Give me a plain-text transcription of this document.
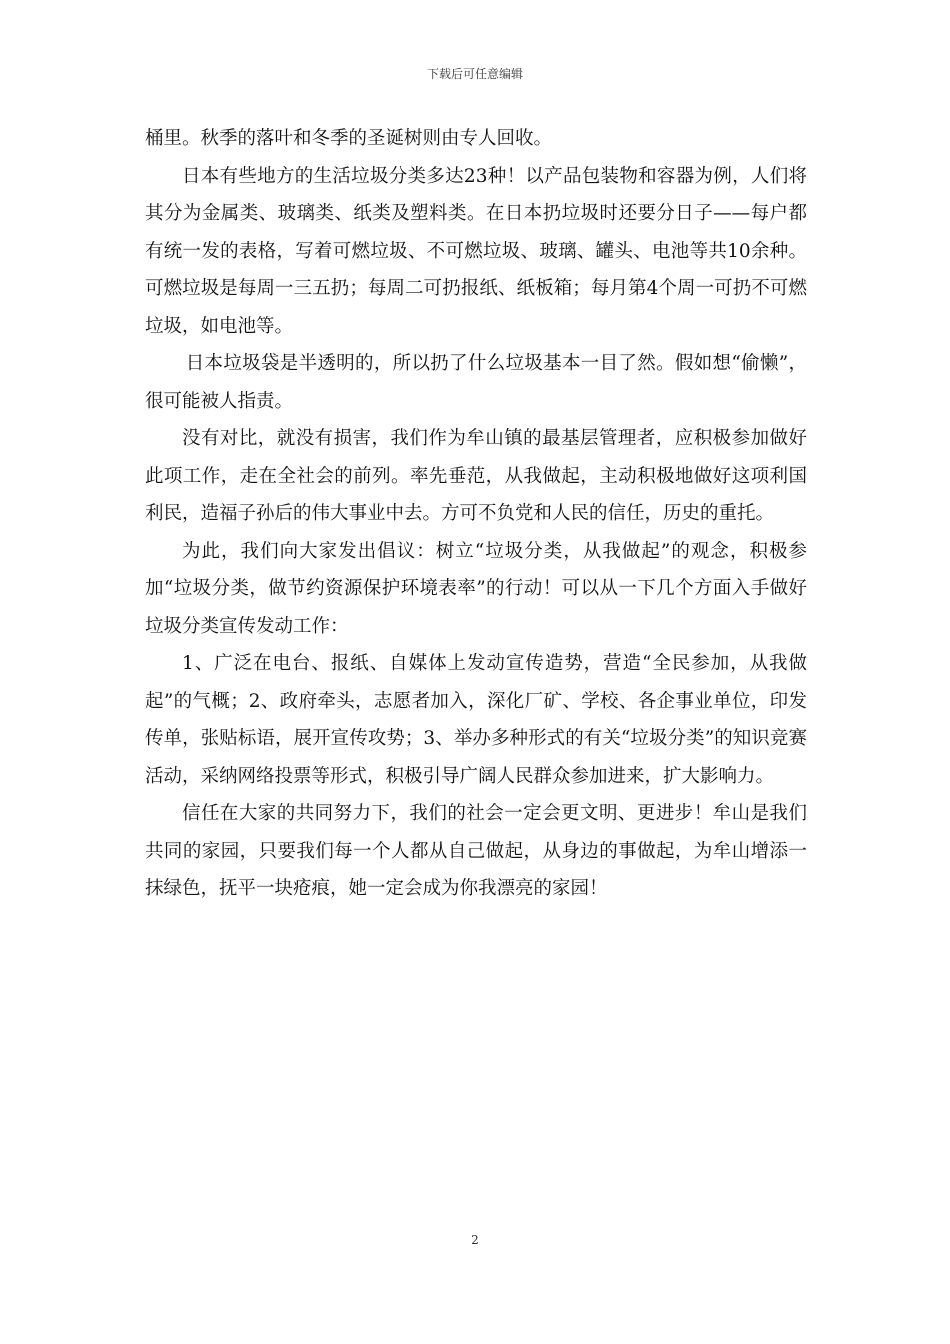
下载后可任意编辑

桶里。秋季的落叶和冬季的圣诞树则由专人回收。

日本有些地方的生活垃圾分类多达23种！以产品包装物和容器为例，人们将其分为金属类、玻璃类、纸类及塑料类。在日本扔垃圾时还要分日子——每户都有统一发的表格，写着可燃垃圾、不可燃垃圾、玻璃、罐头、电池等共10余种。可燃垃圾是每周一三五扔；每周二可扔报纸、纸板箱；每月第4个周一可扔不可燃垃圾，如电池等。

日本垃圾袋是半透明的，所以扔了什么垃圾基本一目了然。假如想“偷懒”，很可能被人指责。

没有对比，就没有损害，我们作为牟山镇的最基层管理者，应积极参加做好此项工作，走在全社会的前列。率先垂范，从我做起，主动积极地做好这项利国利民，造福子孙后的伟大事业中去。方可不负党和人民的信任，历史的重托。

为此，我们向大家发出倡议：树立“垃圾分类，从我做起”的观念，积极参加“垃圾分类，做节约资源保护环境表率”的行动！可以从一下几个方面入手做好垃圾分类宣传发动工作：

1、广泛在电台、报纸、自媒体上发动宣传造势，营造“全民参加，从我做起”的气概；2、政府牵头，志愿者加入，深化厂矿、学校、各企事业单位，印发传单，张贴标语，展开宣传攻势；3、举办多种形式的有关“垃圾分类”的知识竞赛活动，采纳网络投票等形式，积极引导广阔人民群众参加进来，扩大影响力。

信任在大家的共同努力下，我们的社会一定会更文明、更进步！牟山是我们共同的家园，只要我们每一个人都从自己做起，从身边的事做起，为牟山增添一抹绿色，抚平一块疮痕，她一定会成为你我漂亮的家园！

2
